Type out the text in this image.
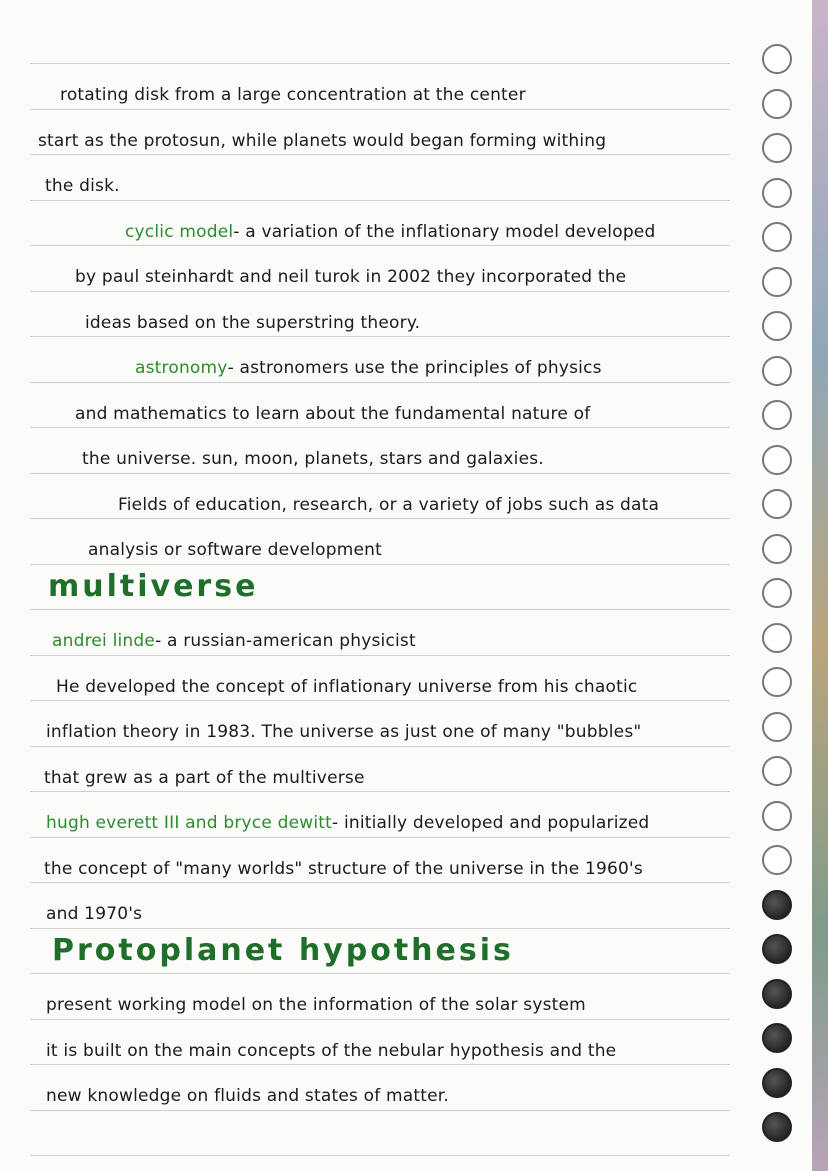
rotating disk from a large concentration at the center
start as the protosun, while planets would began forming withing
the disk.
cyclic model - a variation of the inflationary model developed
by paul steinhardt and neil turok in 2002 they incorporated the
ideas based on the superstring theory.
astronomy - astronomers use the principles of physics
and mathematics to learn about the fundamental nature of
the universe. sun, moon, planets, stars and galaxies.
Fields of education, research, or a variety of jobs such as data
analysis or software development
multiverse
andrei linde - a russian-american physicist
He developed the concept of inflationary universe from his chaotic
inflation theory in 1983. The universe as just one of many "bubbles"
that grew as a part of the multiverse
hugh everett III and bryce dewitt - initially developed and popularized
the concept of "many worlds" structure of the universe in the 1960's
and 1970's
Protoplanet hypothesis
present working model on the information of the solar system
it is built on the main concepts of the nebular hypothesis and the
new knowledge on fluids and states of matter.
